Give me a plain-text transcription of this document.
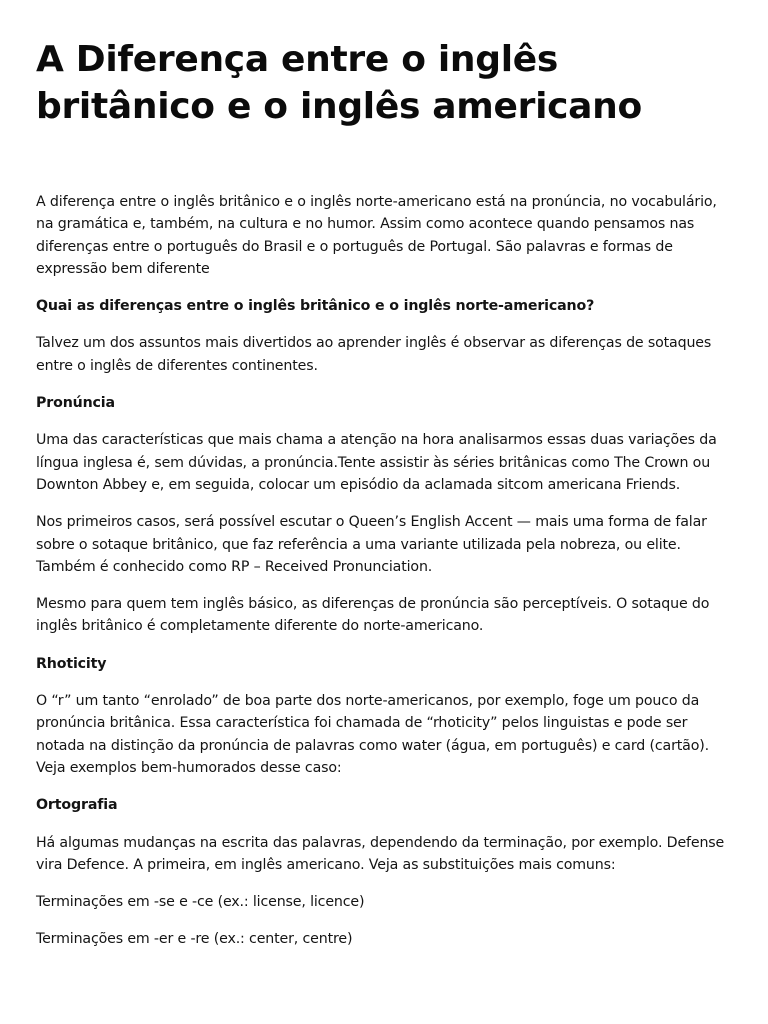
A Diferença entre o inglês britânico e o inglês americano

A diferença entre o inglês britânico e o inglês norte-americano está na pronúncia, no vocabulário, na gramática e, também, na cultura e no humor. Assim como acontece quando pensamos nas diferenças entre o português do Brasil e o português de Portugal. São palavras e formas de expressão bem diferente

Quai as diferenças entre o inglês britânico e o inglês norte-americano?

Talvez um dos assuntos mais divertidos ao aprender inglês é observar as diferenças de sotaques entre o inglês de diferentes continentes.

Pronúncia

Uma das características que mais chama a atenção na hora analisarmos essas duas variações da língua inglesa é, sem dúvidas, a pronúncia.Tente assistir às séries britânicas como The Crown ou Downton Abbey e, em seguida, colocar um episódio da aclamada sitcom americana Friends.

Nos primeiros casos, será possível escutar o Queen’s English Accent — mais uma forma de falar sobre o sotaque britânico, que faz referência a uma variante utilizada pela nobreza, ou elite. Também é conhecido como RP – Received Pronunciation.

Mesmo para quem tem inglês básico, as diferenças de pronúncia são perceptíveis. O sotaque do inglês britânico é completamente diferente do norte-americano.

Rhoticity

O “r” um tanto “enrolado” de boa parte dos norte-americanos, por exemplo, foge um pouco da pronúncia britânica. Essa característica foi chamada de “rhoticity” pelos linguistas e pode ser notada na distinção da pronúncia de palavras como water (água, em português) e card (cartão). Veja exemplos bem-humorados desse caso:

Ortografia

Há algumas mudanças na escrita das palavras, dependendo da terminação, por exemplo. Defense vira Defence. A primeira, em inglês americano. Veja as substituições mais comuns:

Terminações em -se e -ce (ex.: license, licence)

Terminações em -er e -re (ex.: center, centre)
